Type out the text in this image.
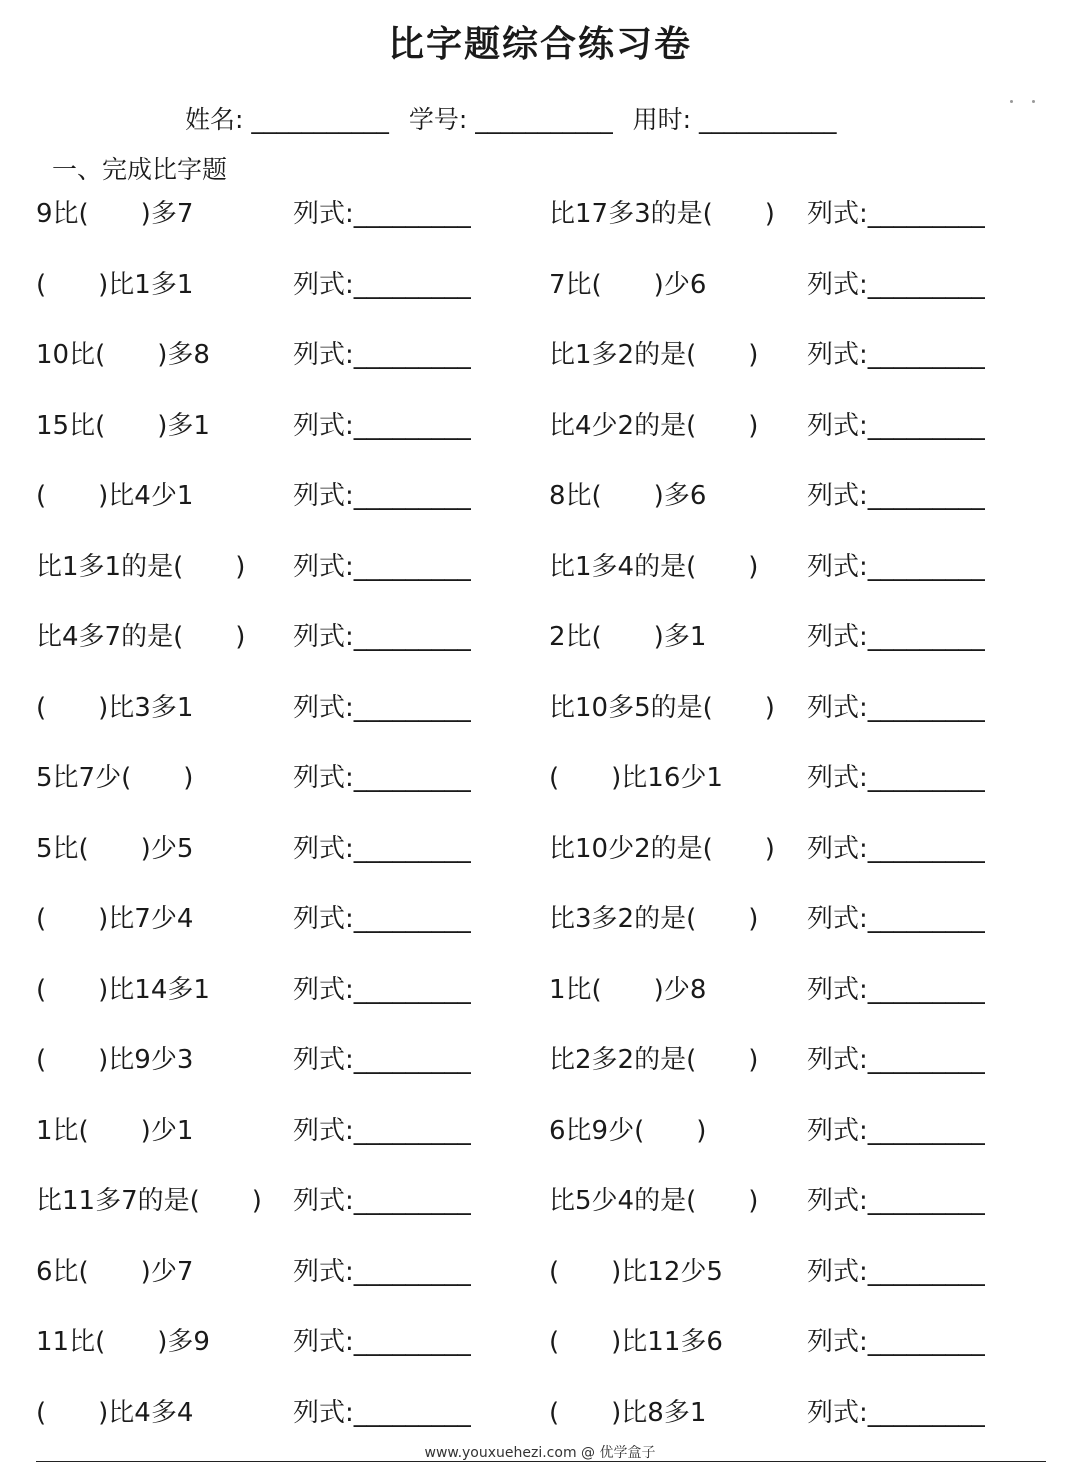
比字题综合练习卷
姓名: ___________ 学号: ___________ 用时: ___________
一、完成比字题
9比(　　)多7	列式:_________	比17多3的是(　　) 列式:_________
(　　)比1多1	列式:_________	7比(　　)少6	列式:_________
10比(　　)多8	列式:_________	比1多2的是(　　) 列式:_________
15比(　　)多1	列式:_________	比4少2的是(　　) 列式:_________
(　　)比4少1	列式:_________	8比(　　)多6	列式:_________
比1多1的是(　　) 列式:_________	比1多4的是(　　) 列式:_________
比4多7的是(　　) 列式:_________	2比(　　)多1	列式:_________
(　　)比3多1	列式:_________	比10多5的是(　　) 列式:_________
5比7少(　　)	列式:_________	(　　)比16少1	列式:_________
5比(　　)少5	列式:_________	比10少2的是(　　) 列式:_________
(　　)比7少4	列式:_________	比3多2的是(　　) 列式:_________
(　　)比14多1	列式:_________	1比(　　)少8	列式:_________
(　　)比9少3	列式:_________	比2多2的是(　　) 列式:_________
1比(　　)少1	列式:_________	6比9少(　　)	列式:_________
比11多7的是(　　) 列式:_________	比5少4的是(　　) 列式:_________
6比(　　)少7	列式:_________	(　　)比12少5	列式:_________
11比(　　)多9	列式:_________	(　　)比11多6	列式:_________
(　　)比4多4	列式:_________	(　　)比8多1	列式:_________
www.youxuehezi.com @ 优学盒子
